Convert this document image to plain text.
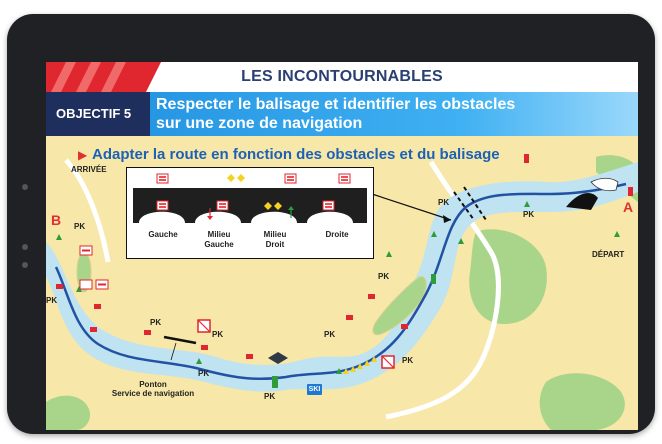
LES INCONTOURNABLES
OBJECTIF 5
Respecter le balisage et identifier les obstacles
sur une zone de navigation
▶ Adapter la route en fonction des obstacles et du balisage
A
B
DÉPART
ARRIVÉE
PK
PK
PK
PK
PK
PK
PK
PK
PK
PK
PK
Ponton
Service de navigation	SKI
Gauche	Milieu
Gauche
Milieu
Droit
Droite
